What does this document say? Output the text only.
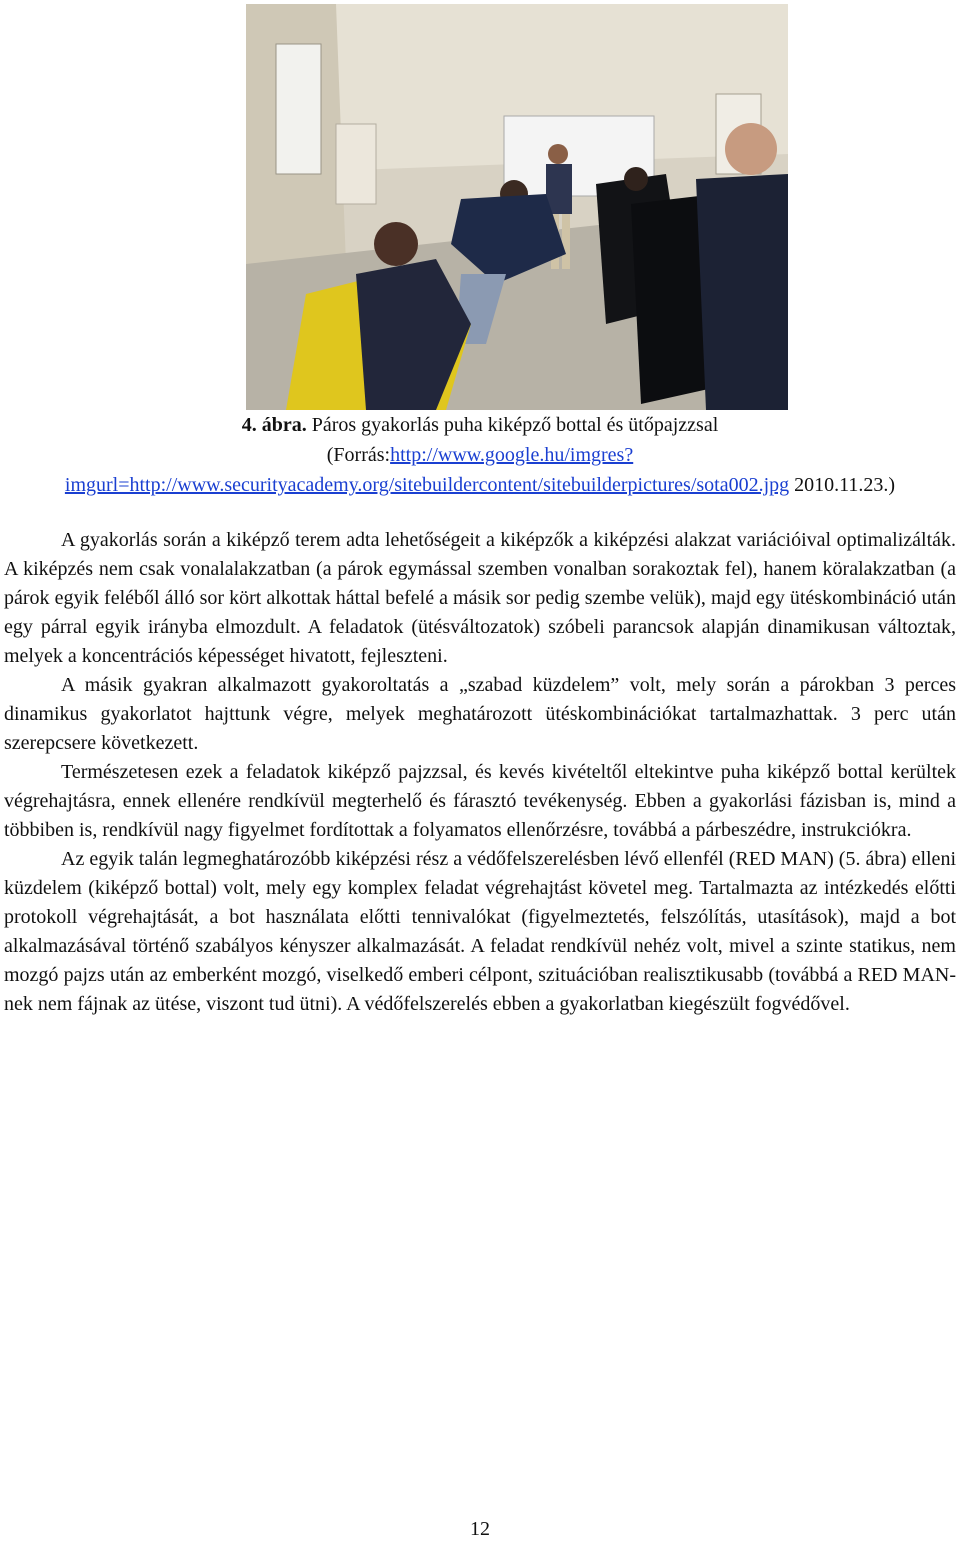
4. ábra. Páros gyakorlás puha kiképző bottal és ütőpajzzsal
(Forrás:http://www.google.hu/imgres?imgurl=http://www.securityacademy.org/sitebuildercontent/sitebuilderpictures/sota002.jpg 2010.11.23.)

A gyakorlás során a kiképző terem adta lehetőségeit a kiképzők a kiképzési alakzat variációival optimalizálták. A kiképzés nem csak vonalalakzatban (a párok egymással szemben vonalban sorakoztak fel), hanem köralakzatban (a párok egyik feléből álló sor kört alkottak háttal befelé a másik sor pedig szembe velük), majd egy ütéskombináció után egy párral egyik irányba elmozdult. A feladatok (ütésváltozatok) szóbeli parancsok alapján dinamikusan változtak, melyek a koncentrációs képességet hivatott, fejleszteni.

A másik gyakran alkalmazott gyakoroltatás a „szabad küzdelem” volt, mely során a párokban 3 perces dinamikus gyakorlatot hajttunk végre, melyek meghatározott ütéskombinációkat tartalmazhattak. 3 perc után szerepcsere következett.

Természetesen ezek a feladatok kiképző pajzzsal, és kevés kivételtől eltekintve puha kiképző bottal kerültek végrehajtásra, ennek ellenére rendkívül megterhelő és fárasztó tevékenység. Ebben a gyakorlási fázisban is, mind a többiben is, rendkívül nagy figyelmet fordítottak a folyamatos ellenőrzésre, továbbá a párbeszédre, instrukciókra.

Az egyik talán legmeghatározóbb kiképzési rész a védőfelszerelésben lévő ellenfél (RED MAN) (5. ábra) elleni küzdelem (kiképző bottal) volt, mely egy komplex feladat végrehajtást követel meg. Tartalmazta az intézkedés előtti protokoll végrehajtását, a bot használata előtti tennivalókat (figyelmeztetés, felszólítás, utasítások), majd a bot alkalmazásával történő szabályos kényszer alkalmazását. A feladat rendkívül nehéz volt, mivel a szinte statikus, nem mozgó pajzs után az emberként mozgó, viselkedő emberi célpont, szituációban realisztikusabb (továbbá a RED MAN-nek nem fájnak az ütése, viszont tud ütni). A védőfelszerelés ebben a gyakorlatban kiegészült fogvédővel.

12
